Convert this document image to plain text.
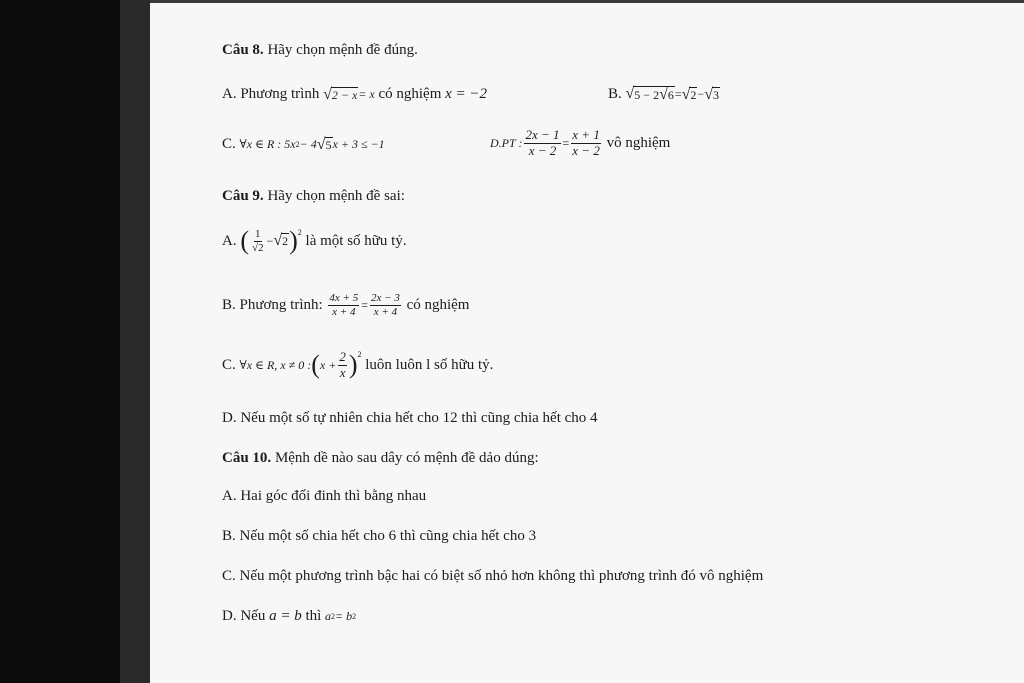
Câu 8.
Hãy chọn mệnh đề đúng.
A.
Phương trình
√ 2 − x = x
có nghiệm
x = −2	B.
√ 5 − 2√6 = √ 2 − √ 3
C.
∀x ∈ R : 5x 2 − 4 √ 5 x + 3 ≤ −1	D.PT : $\frac{2x - 1}{x - 2} = \frac{x + 1}{x - 2}$
vô nghiệm
Câu 9.
Hãy chọn mệnh đề sai:
A.
( $\frac{1}{√2}$ − √ 2 )$^2$

là một số hữu tỷ.
B. Phương trình:
$\frac{4x + 5}{x + 4} = \frac{2x - 3}{x + 4}$
có nghiệm
C.
∀x ∈ R, x ≠ 0 : ( $x + \frac{2}{x} )^2$

luôn luôn l số hữu tỷ.
D. Nếu một số tự nhiên chia hết cho 12 thì cũng chia hết cho 4
Câu 10.
Mệnh dề nào sau dây có mệnh đề dảo dúng:
A. Hai góc đối đinh thì bằng nhau
B. Nếu một số chia hết cho 6 thì cũng chia hết cho 3
C. Nếu một phương trình bậc hai có biệt số nhỏ hơn không thì phương trình đó vô nghiệm
D. Nếu
a = b
thì
a 2 = b 2
